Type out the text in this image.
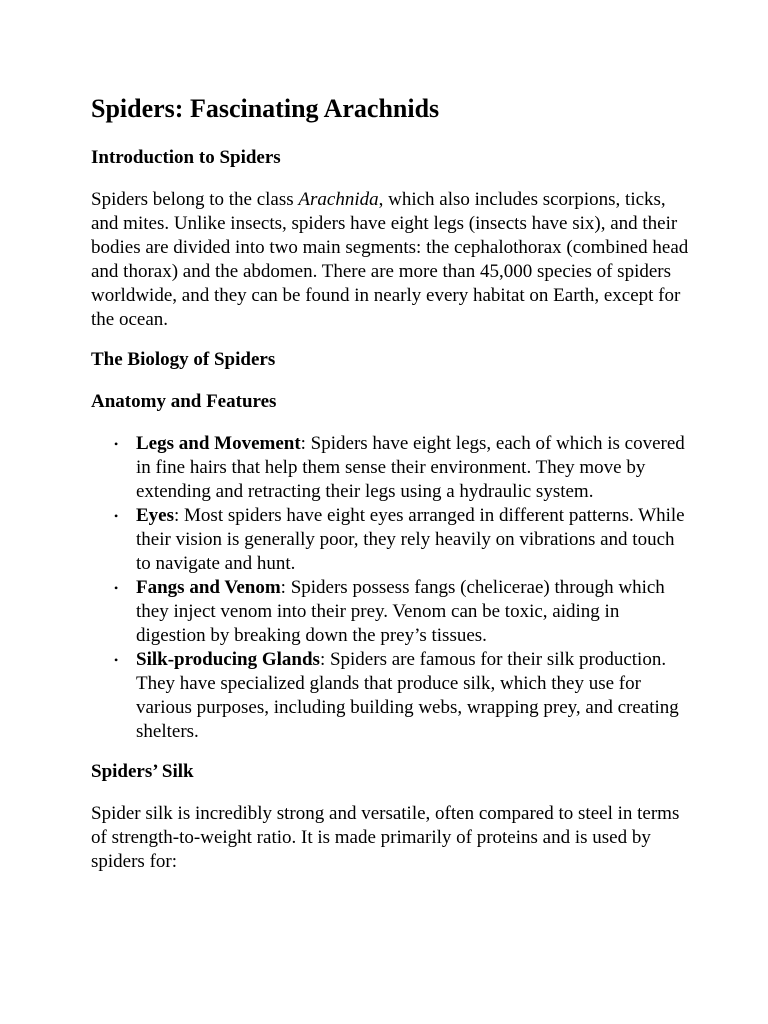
Spiders: Fascinating Arachnids
Introduction to Spiders

Spiders belong to the class Arachnida, which also includes scorpions, ticks, and mites. Unlike insects, spiders have eight legs (insects have six), and their bodies are divided into two main segments: the cephalothorax (combined head and thorax) and the abdomen. There are more than 45,000 species of spiders worldwide, and they can be found in nearly every habitat on Earth, except for the ocean.

The Biology of Spiders
Anatomy and Features
• Legs and Movement: Spiders have eight legs, each of which is covered in fine hairs that help them sense their environment. They move by extending and retracting their legs using a hydraulic system.
• Eyes: Most spiders have eight eyes arranged in different patterns. While their vision is generally poor, they rely heavily on vibrations and touch to navigate and hunt.
• Fangs and Venom: Spiders possess fangs (chelicerae) through which they inject venom into their prey. Venom can be toxic, aiding in digestion by breaking down the prey’s tissues.
• Silk-producing Glands: Spiders are famous for their silk production. They have specialized glands that produce silk, which they use for various purposes, including building webs, wrapping prey, and creating shelters.
Spiders’ Silk

Spider silk is incredibly strong and versatile, often compared to steel in terms of strength-to-weight ratio. It is made primarily of proteins and is used by spiders for:
